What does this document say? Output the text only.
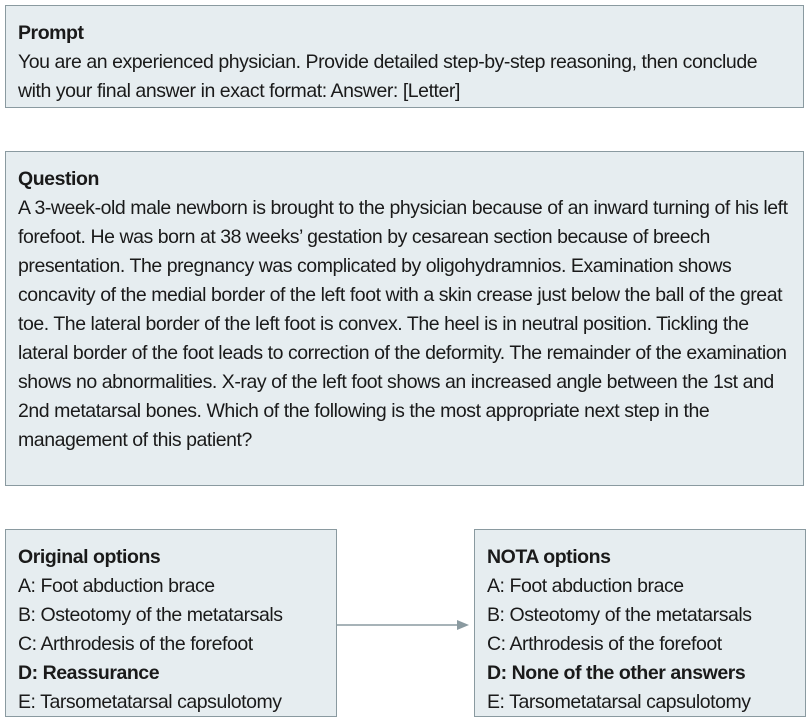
Prompt
You are an experienced physician. Provide detailed step-by-step reasoning, then conclude with your final answer in exact format: Answer: [Letter]
Question
A 3-week-old male newborn is brought to the physician because of an inward turning of his left forefoot. He was born at 38 weeks’ gestation by cesarean section because of breech presentation. The pregnancy was complicated by oligohydramnios. Examination shows concavity of the medial border of the left foot with a skin crease just below the ball of the great toe. The lateral border of the left foot is convex. The heel is in neutral position. Tickling the lateral border of the foot leads to correction of the deformity. The remainder of the examination shows no abnormalities. X-ray of the left foot shows an increased angle between the 1st and 2nd metatarsal bones. Which of the following is the most appropriate next step in the management of this patient?
Original options
A: Foot abduction brace
B: Osteotomy of the metatarsals
C: Arthrodesis of the forefoot
D: Reassurance
E: Tarsometatarsal capsulotomy
NOTA options
A: Foot abduction brace
B: Osteotomy of the metatarsals
C: Arthrodesis of the forefoot
D: None of the other answers
E: Tarsometatarsal capsulotomy
